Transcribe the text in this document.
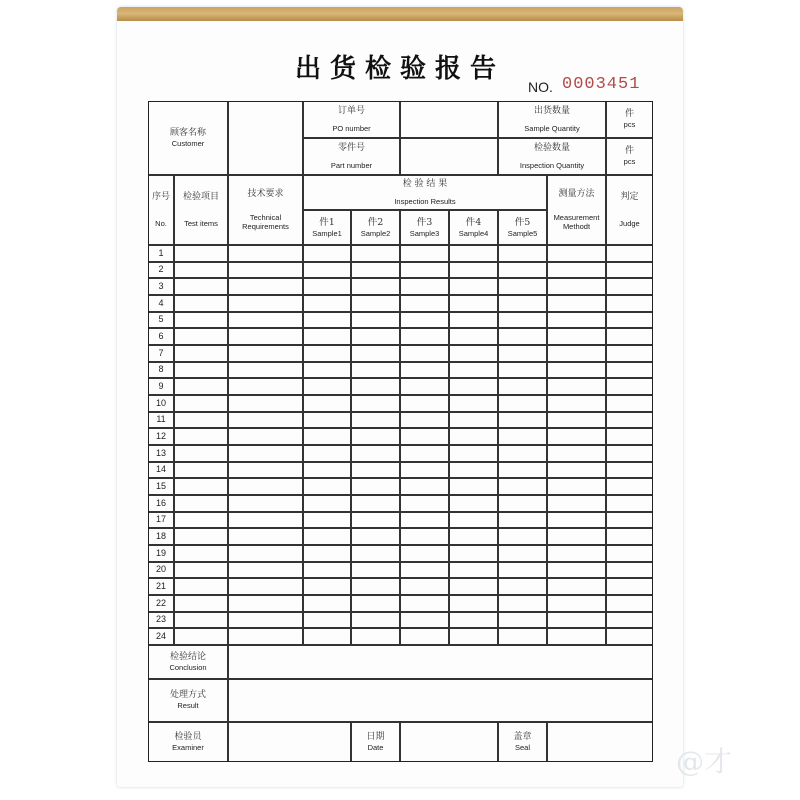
出货检验报告
NO. 0003451
顾客名称
Customer
订单号
PO number
出货数量
Sample Quantity
件
pcs
零件号
Part number
检验数量
Inspection Quantity
件
pcs
序号
No.
检验项目
Test items
技术要求
Technical Requirements
检 验 结 果
Inspection Results
件1
Sample1
件2
Sample2
件3
Sample3
件4
Sample4
件5
Sample5
测量方法
Measurement Methodt
判定
Judge
1
2
3
4
5
6
7
8
9
10
11
12
13
14
15
16
17
18
19
20
21
22
23
24
检验结论
Conclusion
处理方式
Result
检验员
Examiner
日期
Date
盖章
Seal	@才
